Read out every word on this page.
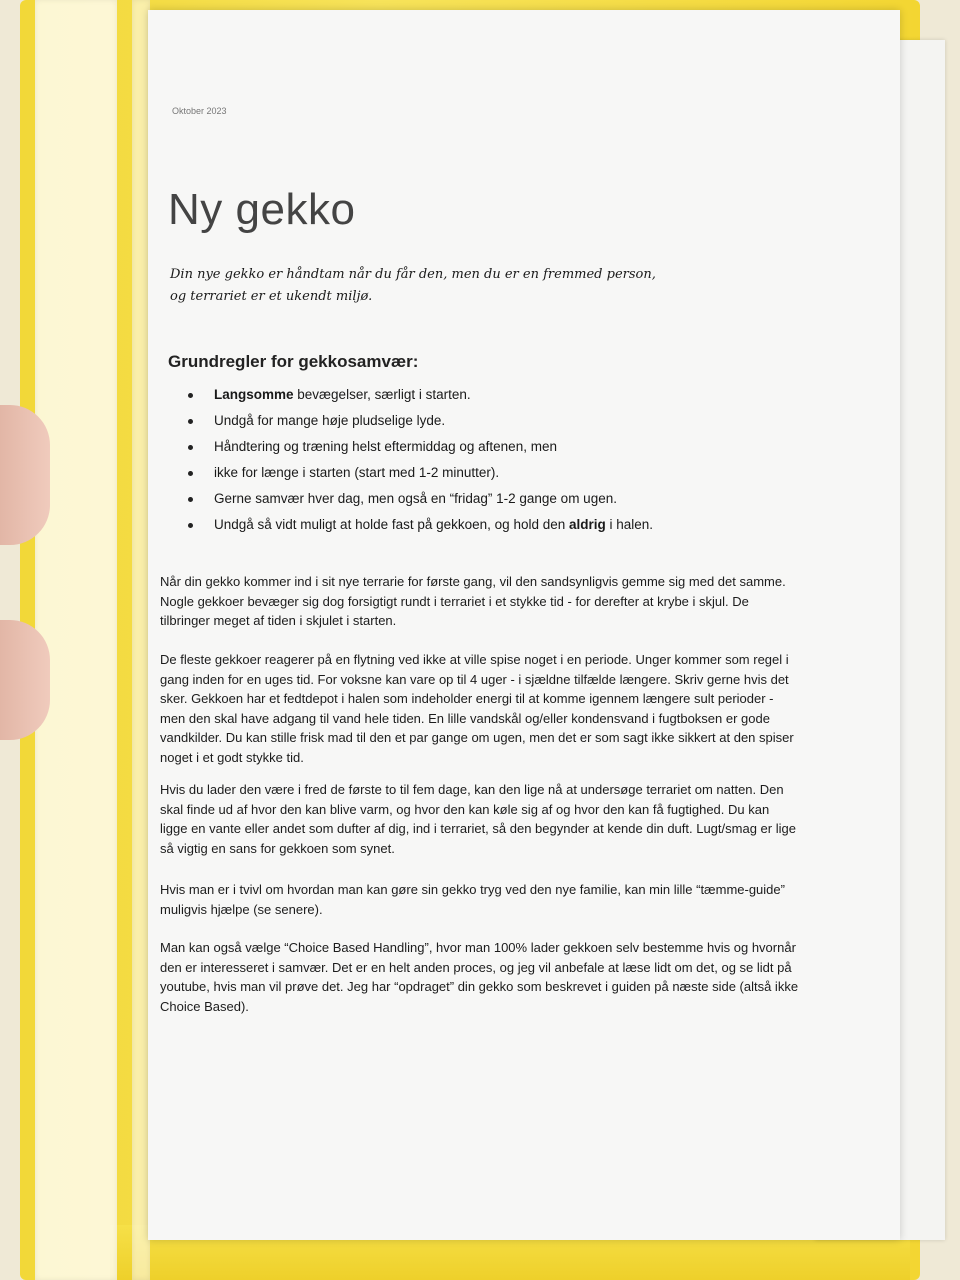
Oktober 2023
Ny gekko

Din nye gekko er håndtam når du får den, men du er en fremmed person, og terrariet er et ukendt miljø.

Grundregler for gekkosamvær:
Langsomme bevægelser, særligt i starten.
Undgå for mange høje pludselige lyde.
Håndtering og træning helst eftermiddag og aftenen, men
ikke for længe i starten (start med 1-2 minutter).
Gerne samvær hver dag, men også en “fridag” 1-2 gange om ugen.
Undgå så vidt muligt at holde fast på gekkoen, og hold den aldrig i halen.

Når din gekko kommer ind i sit nye terrarie for første gang, vil den sandsynligvis gemme sig med det samme. Nogle gekkoer bevæger sig dog forsigtigt rundt i terrariet i et stykke tid - for derefter at krybe i skjul. De tilbringer meget af tiden i skjulet i starten.

De fleste gekkoer reagerer på en flytning ved ikke at ville spise noget i en periode. Unger kommer som regel i gang inden for en uges tid. For voksne kan vare op til 4 uger - i sjældne tilfælde længere. Skriv gerne hvis det sker. Gekkoen har et fedtdepot i halen som indeholder energi til at komme igennem længere sult perioder - men den skal have adgang til vand hele tiden. En lille vandskål og/eller kondensvand i fugtboksen er gode vandkilder. Du kan stille frisk mad til den et par gange om ugen, men det er som sagt ikke sikkert at den spiser noget i et godt stykke tid.

Hvis du lader den være i fred de første to til fem dage, kan den lige nå at undersøge terrariet om natten. Den skal finde ud af hvor den kan blive varm, og hvor den kan køle sig af og hvor den kan få fugtighed. Du kan ligge en vante eller andet som dufter af dig, ind i terrariet, så den begynder at kende din duft. Lugt/smag er lige så vigtig en sans for gekkoen som synet.

Hvis man er i tvivl om hvordan man kan gøre sin gekko tryg ved den nye familie, kan min lille “tæmme-guide” muligvis hjælpe (se senere).

Man kan også vælge “Choice Based Handling”, hvor man 100% lader gekkoen selv bestemme hvis og hvornår den er interesseret i samvær. Det er en helt anden proces, og jeg vil anbefale at læse lidt om det, og se lidt på youtube, hvis man vil prøve det. Jeg har “opdraget” din gekko som beskrevet i guiden på næste side (altså ikke Choice Based).
